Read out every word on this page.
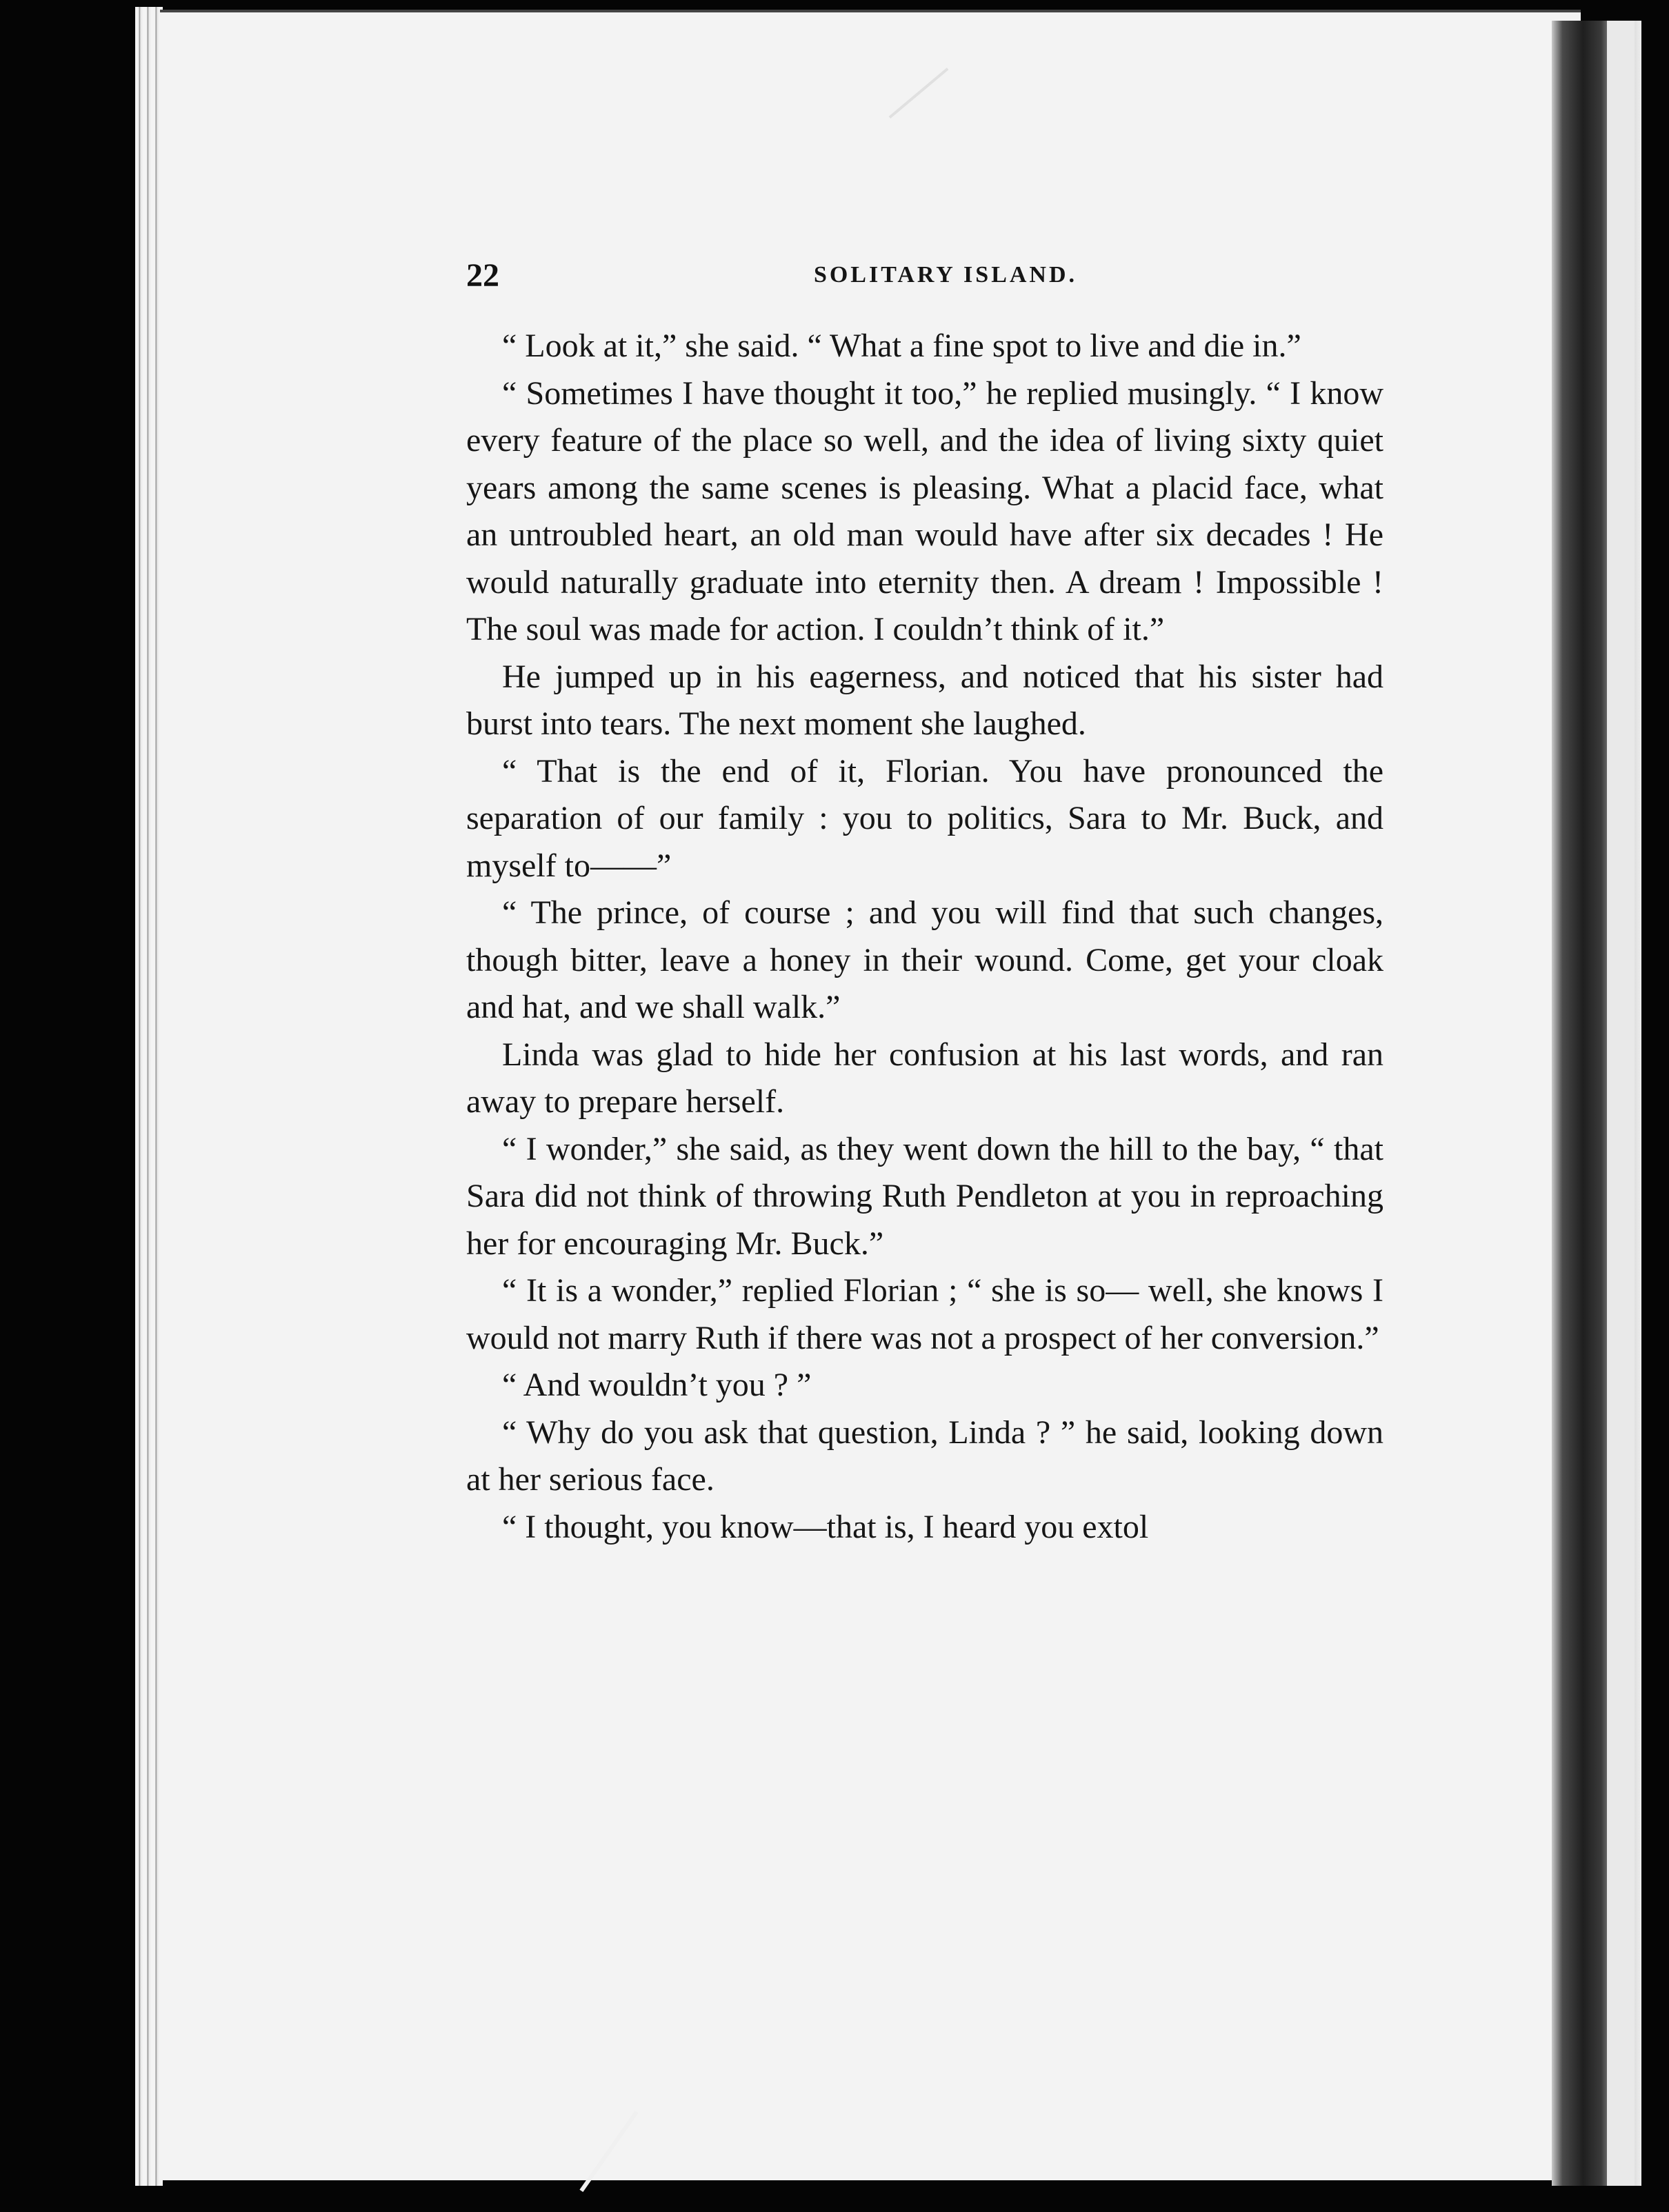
22	SOLITARY ISLAND.

“ Look at it,” she said. “ What a fine spot to live and die in.”

“ Sometimes I have thought it too,” he replied musingly. “ I know every feature of the place so well, and the idea of living sixty quiet years among the same scenes is pleasing. What a placid face, what an untroubled heart, an old man would have after six decades ! He would naturally graduate into eternity then. A dream ! Impossible ! The soul was made for action. I couldn’t think of it.”

He jumped up in his eagerness, and noticed that his sister had burst into tears. The next moment she laughed.

“ That is the end of it, Florian. You have pronounced the separation of our family : you to politics, Sara to Mr. Buck, and myself to——”

“ The prince, of course ; and you will find that such changes, though bitter, leave a honey in their wound. Come, get your cloak and hat, and we shall walk.”

Linda was glad to hide her confusion at his last words, and ran away to prepare herself.

“ I wonder,” she said, as they went down the hill to the bay, “ that Sara did not think of throwing Ruth Pendleton at you in reproaching her for encouraging Mr. Buck.”

“ It is a wonder,” replied Florian ; “ she is so— well, she knows I would not marry Ruth if there was not a prospect of her conversion.”

“ And wouldn’t you ? ”

“ Why do you ask that question, Linda ? ” he said, looking down at her serious face.

“ I thought, you know—that is, I heard you extol
